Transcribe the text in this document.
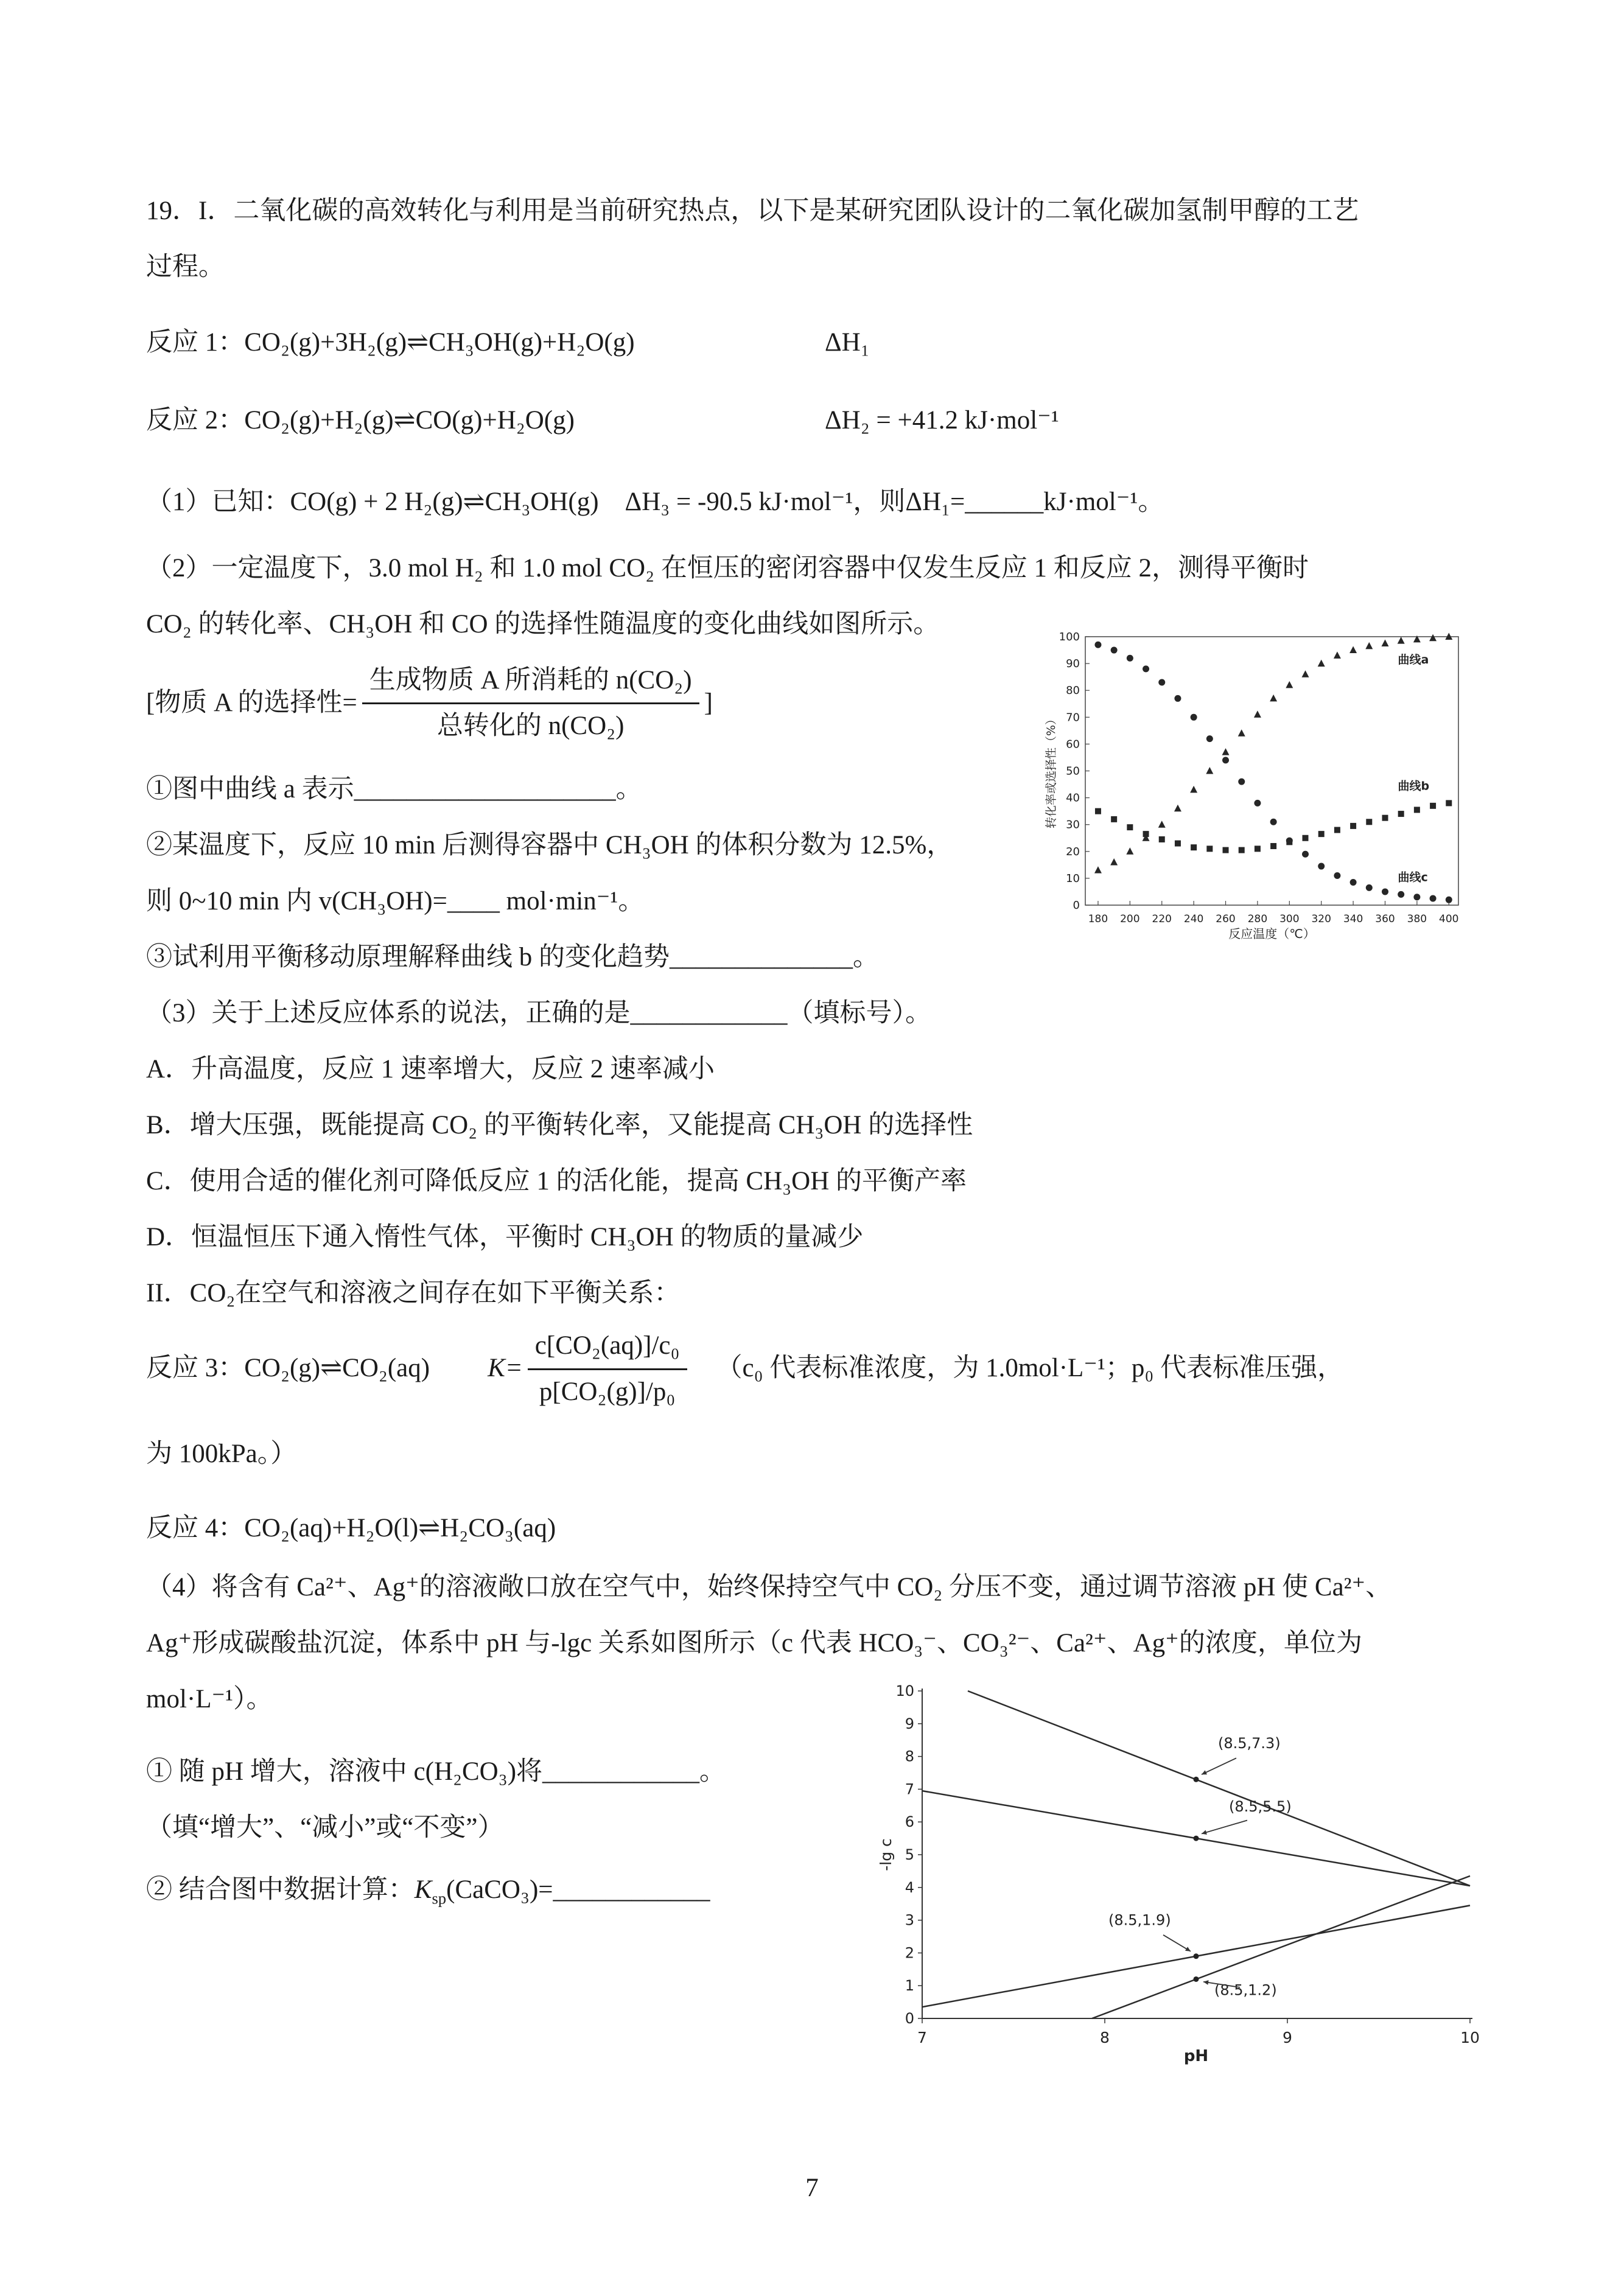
19．I．二氧化碳的高效转化与利用是当前研究热点，以下是某研究团队设计的二氧化碳加氢制甲醇的工艺
过程。
反应 1：CO₂(g)+3H₂(g)⇌CH₃OH(g)+H₂O(g)	ΔH₁
反应 2：CO₂(g)+H₂(g)⇌CO(g)+H₂O(g)	ΔH₂ = +41.2 kJ·mol⁻¹
（1）已知：CO(g) + 2 H₂(g)⇌CH₃OH(g)    ΔH₃ = -90.5 kJ·mol⁻¹，则ΔH₁=______kJ·mol⁻¹。
（2）一定温度下，3.0 mol H₂ 和 1.0 mol CO₂ 在恒压的密闭容器中仅发生反应 1 和反应 2，测得平衡时
CO₂ 的转化率、CH₃OH 和 CO 的选择性随温度的变化曲线如图所示。
[物质 A 的选择性= $\frac{\text{生成物质 A 所消耗的 n(CO₂)}}{\text{总转化的 n(CO₂)}}$ ]
①图中曲线 a 表示____________________。
②某温度下，反应 10 min 后测得容器中 CH₃OH 的体积分数为 12.5%，
则 0~10 min 内 v(CH₃OH)=____ mol·min⁻¹。
③试利用平衡移动原理解释曲线 b 的变化趋势______________。
（3）关于上述反应体系的说法，正确的是____________（填标号）。
A．升高温度，反应 1 速率增大，反应 2 速率减小
B．增大压强，既能提高 CO₂ 的平衡转化率，又能提高 CH₃OH 的选择性
C．使用合适的催化剂可降低反应 1 的活化能，提高 CH₃OH 的平衡产率
D．恒温恒压下通入惰性气体，平衡时 CH₃OH 的物质的量减少
II．CO₂在空气和溶液之间存在如下平衡关系：
反应 3：CO₂(g)⇌CO₂(aq) $K= \frac{\text{c[CO₂(aq)]/c₀}}{\text{p[CO₂(g)]/p₀}} (c_0$ 代表标准浓度，为 1.0mol·L⁻¹；p₀ 代表标准压强，
为 100kPa。）
反应 4：CO₂(aq)+H₂O(l)⇌H₂CO₃(aq)
（4）将含有 Ca²⁺、Ag⁺的溶液敞口放在空气中，始终保持空气中 CO₂ 分压不变，通过调节溶液 pH 使 Ca²⁺、
Ag⁺形成碳酸盐沉淀，体系中 pH 与-lgc 关系如图所示（c 代表 HCO₃⁻、CO₃²⁻、Ca²⁺、Ag⁺的浓度，单位为
mol·L⁻¹）。
① 随 pH 增大，溶液中 c(H₂CO₃)将____________。
（填“增大”、“减小”或“不变”）
② 结合图中数据计算：$K_{sp}(CaCO_3)=\_\_\_\_\_\_\_\_\_\_\_\_$
0
10
20
30
40
50
60
70
80
90
100
180 200 220 240 260 280 300 320 340 360 380 400
反应温度（℃）
转化率或选择性（%）
曲线a
曲线b
曲线c
0
1
2
3
4
5
6
7
8
9
10
7	8	9	10
pH
-lg c
(8.5,7.3)
(8.5,5.5)
(8.5,1.9)
(8.5,1.2)
7
